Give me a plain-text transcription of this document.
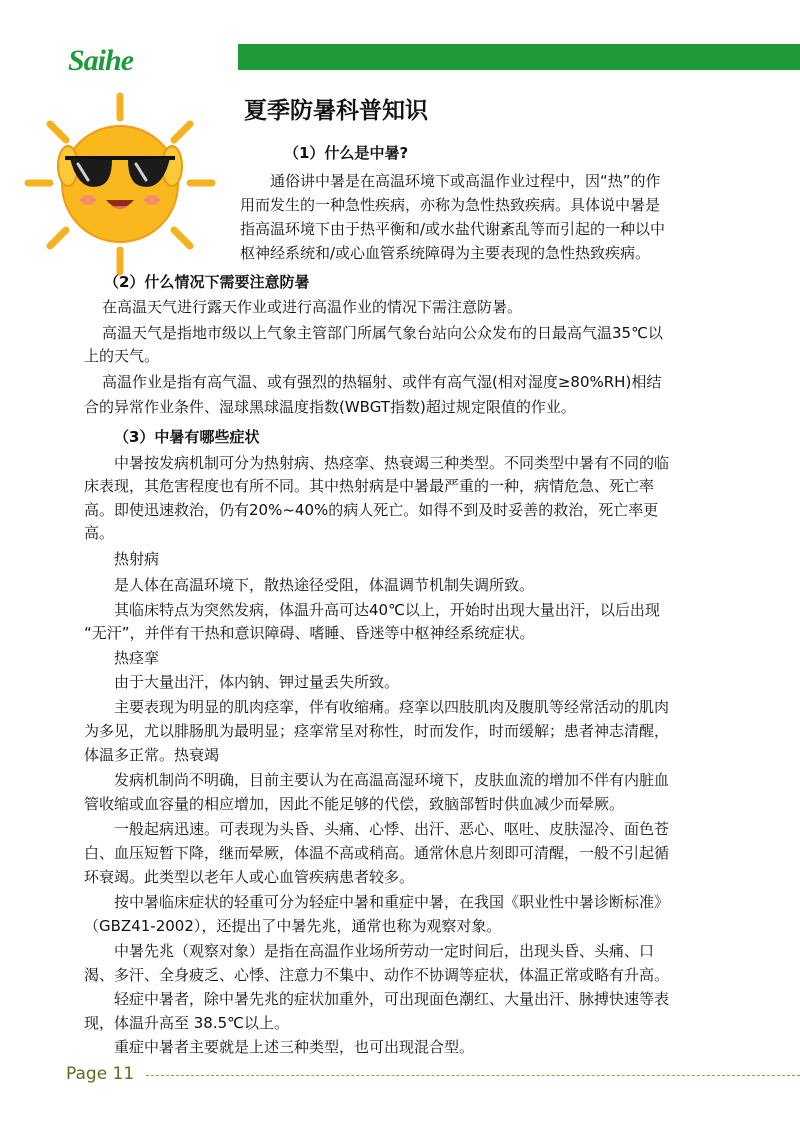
Saihe
夏季防暑科普知识

（1）什么是中暑?

通俗讲中暑是在高温环境下或高温作业过程中，因“热”的作

用而发生的一种急性疾病，亦称为急性热致疾病。具体说中暑是

指高温环境下由于热平衡和/或水盐代谢紊乱等而引起的一种以中

枢神经系统和/或心血管系统障碍为主要表现的急性热致疾病。

（2）什么情况下需要注意防暑

在高温天气进行露天作业或进行高温作业的情况下需注意防暑。

高温天气是指地市级以上气象主管部门所属气象台站向公众发布的日最高气温35℃以

上的天气。

高温作业是指有高气温、或有强烈的热辐射、或伴有高气湿(相对湿度≥80%RH)相结

合的异常作业条件、湿球黑球温度指数(WBGT指数)超过规定限值的作业。

（3）中暑有哪些症状

中暑按发病机制可分为热射病、热痉挛、热衰竭三种类型。不同类型中暑有不同的临

床表现，其危害程度也有所不同。其中热射病是中暑最严重的一种，病情危急、死亡率

高。即使迅速救治，仍有20%~40%的病人死亡。如得不到及时妥善的救治，死亡率更

高。

热射病

是人体在高温环境下，散热途径受阻，体温调节机制失调所致。

其临床特点为突然发病，体温升高可达40℃以上，开始时出现大量出汗，以后出现

“无汗”，并伴有干热和意识障碍、嗜睡、昏迷等中枢神经系统症状。

热痉挛

由于大量出汗，体内钠、钾过量丢失所致。

主要表现为明显的肌肉痉挛，伴有收缩痛。痉挛以四肢肌肉及腹肌等经常活动的肌肉

为多见，尤以腓肠肌为最明显；痉挛常呈对称性，时而发作，时而缓解；患者神志清醒，

体温多正常。热衰竭

发病机制尚不明确，目前主要认为在高温高湿环境下，皮肤血流的增加不伴有内脏血

管收缩或血容量的相应增加，因此不能足够的代偿，致脑部暂时供血减少而晕厥。

一般起病迅速。可表现为头昏、头痛、心悸、出汗、恶心、呕吐、皮肤湿冷、面色苍

白、血压短暂下降，继而晕厥，体温不高或稍高。通常休息片刻即可清醒，一般不引起循

环衰竭。此类型以老年人或心血管疾病患者较多。

按中暑临床症状的轻重可分为轻症中暑和重症中暑，在我国《职业性中暑诊断标准》

（GBZ41-2002），还提出了中暑先兆，通常也称为观察对象。

中暑先兆（观察对象）是指在高温作业场所劳动一定时间后，出现头昏、头痛、口

渴、多汗、全身疲乏、心悸、注意力不集中、动作不协调等症状，体温正常或略有升高。

轻症中暑者，除中暑先兆的症状加重外，可出现面色潮红、大量出汗、脉搏快速等表

现，体温升高至 38.5℃以上。

重症中暑者主要就是上述三种类型，也可出现混合型。

Page 11
